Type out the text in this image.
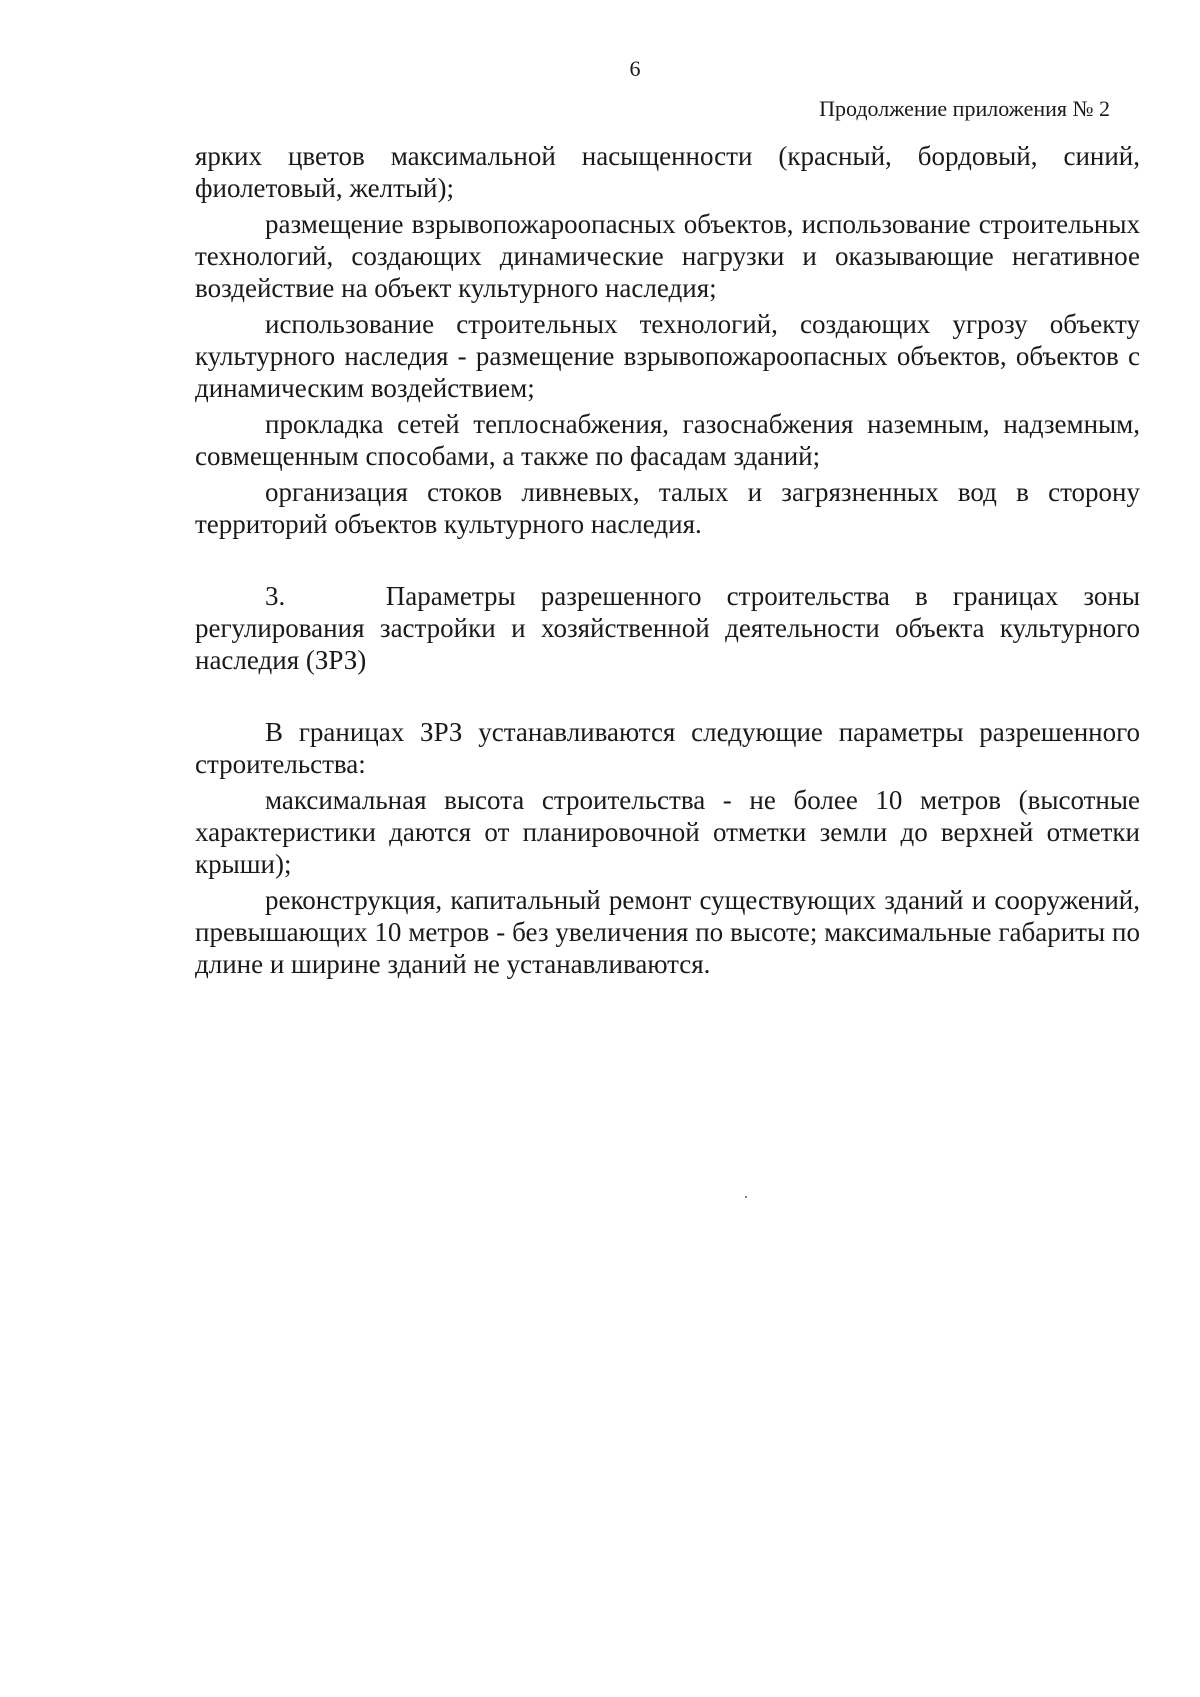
6
Продолжение приложения № 2

ярких цветов максимальной насыщенности (красный, бордовый, синий, фиолетовый, желтый);

размещение взрывопожароопасных объектов, использование строительных технологий, создающих динамические нагрузки и оказывающие негативное воздействие на объект культурного наследия;

использование строительных технологий, создающих угрозу объекту культурного наследия - размещение взрывопожароопасных объектов, объектов с динамическим воздействием;

прокладка сетей теплоснабжения, газоснабжения наземным, надземным, совмещенным способами, а также по фасадам зданий;

организация стоков ливневых, талых и загрязненных вод в сторону территорий объектов культурного наследия.

3.	Параметры разрешенного строительства в границах зоны регулирования застройки и хозяйственной деятельности объекта культурного наследия (ЗРЗ)

В границах ЗРЗ устанавливаются следующие параметры разрешенного строительства:

максимальная высота строительства - не более 10 метров (высотные характеристики даются от планировочной отметки земли до верхней отметки крыши);

реконструкция, капитальный ремонт существующих зданий и сооружений, превышающих 10 метров - без увеличения по высоте; максимальные габариты по длине и ширине зданий не устанавливаются.
